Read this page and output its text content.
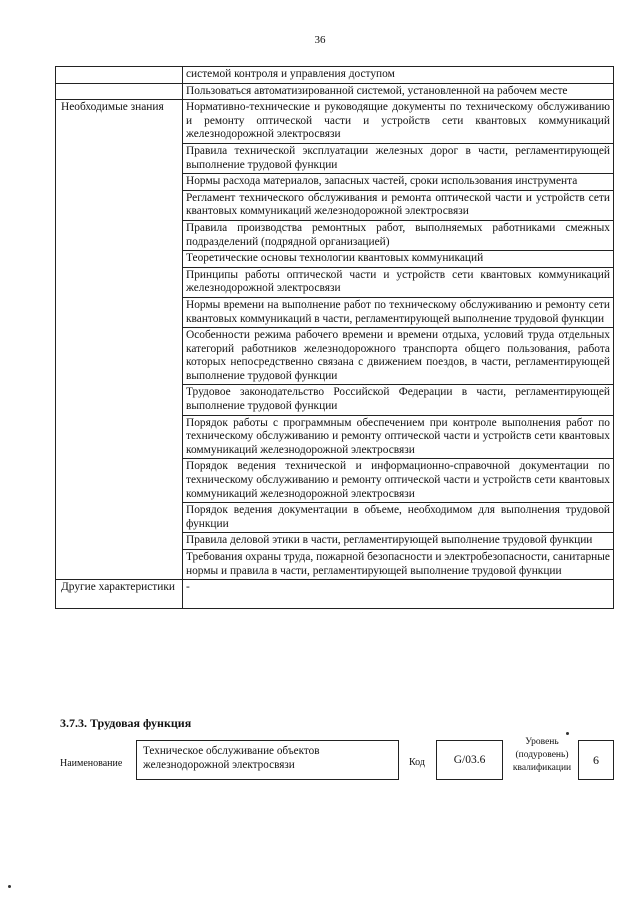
36

	системой контроля и управления доступом

	Пользоваться автоматизированной системой, установленной на рабочем месте

Необходимые знания	Нормативно-технические и руководящие документы по техническому обслуживанию и ремонту оптической части и устройств сети квантовых коммуникаций железнодорожной электросвязи

	Правила технической эксплуатации железных дорог в части, регламентирующей выполнение трудовой функции

	Нормы расхода материалов, запасных частей, сроки использования инструмента

	Регламент технического обслуживания и ремонта оптической части и устройств сети квантовых коммуникаций железнодорожной электросвязи

	Правила производства ремонтных работ, выполняемых работниками смежных подразделений (подрядной организацией)

	Теоретические основы технологии квантовых коммуникаций

	Принципы работы оптической части и устройств сети квантовых коммуникаций железнодорожной электросвязи

	Нормы времени на выполнение работ по техническому обслуживанию и ремонту сети квантовых коммуникаций в части, регламентирующей выполнение трудовой функции

	Особенности режима рабочего времени и времени отдыха, условий труда отдельных категорий работников железнодорожного транспорта общего пользования, работа которых непосредственно связана с движением поездов, в части, регламентирующей выполнение трудовой функции

	Трудовое законодательство Российской Федерации в части, регламентирующей выполнение трудовой функции

	Порядок работы с программным обеспечением при контроле выполнения работ по техническому обслуживанию и ремонту оптической части и устройств сети квантовых коммуникаций железнодорожной электросвязи

	Порядок ведения технической и информационно-справочной документации по техническому обслуживанию и ремонту оптической части и устройств сети квантовых коммуникаций железнодорожной электросвязи

	Порядок ведения документации в объеме, необходимом для выполнения трудовой функции

	Правила деловой этики в части, регламентирующей выполнение трудовой функции

	Требования охраны труда, пожарной безопасности и электробезопасности, санитарные нормы и правила в части, регламентирующей выполнение трудовой функции

Другие характеристики	-
3.7.3. Трудовая функция
Наименование
Техническое обслуживание объектов железнодорожной электросвязи	Код	G/03.6
Уровень (подуровень) квалификации
6
